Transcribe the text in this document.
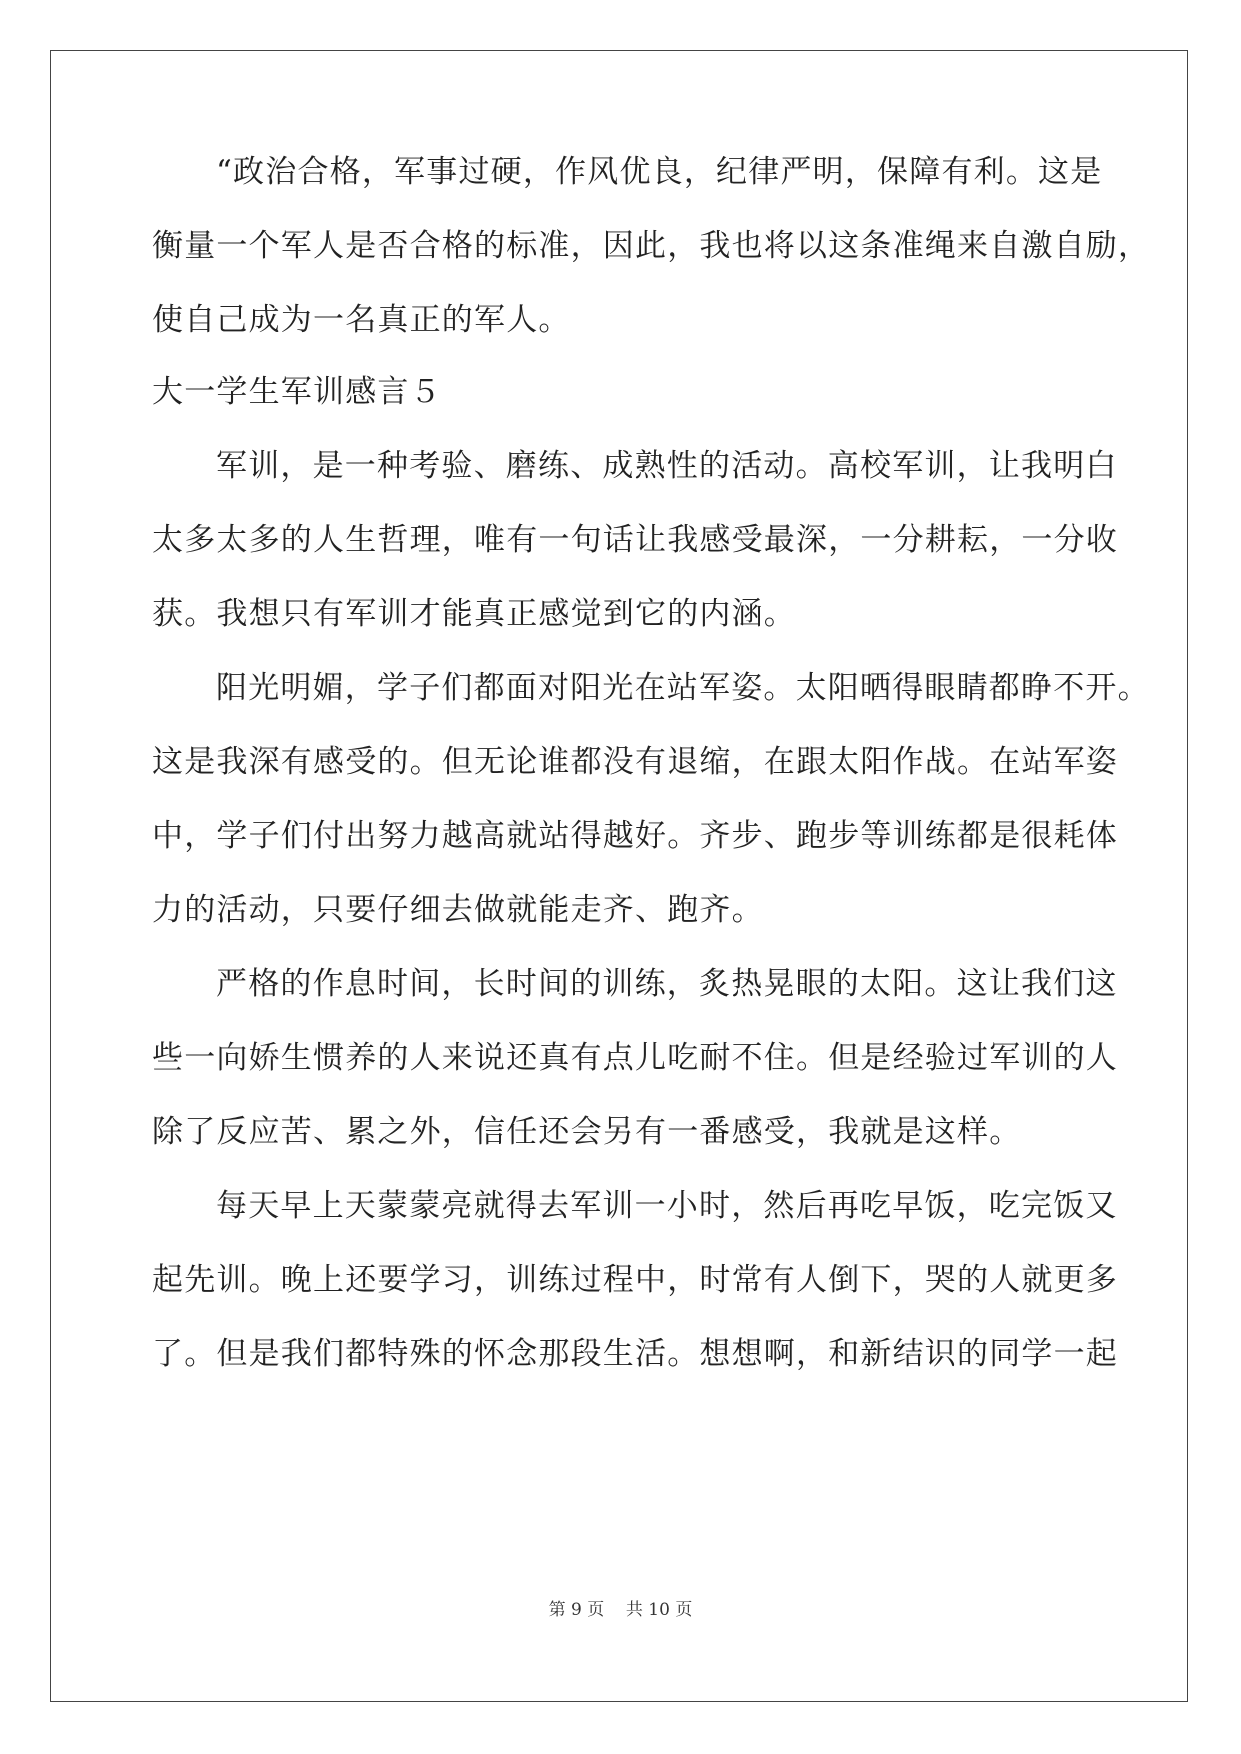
“政治合格，军事过硬，作风优良，纪律严明，保障有利。这是
衡量一个军人是否合格的标准，因此，我也将以这条准绳来自激自励，
使自己成为一名真正的军人。
大一学生军训感言５
军训，是一种考验、磨练、成熟性的活动。高校军训，让我明白
太多太多的人生哲理，唯有一句话让我感受最深，一分耕耘，一分收
获。我想只有军训才能真正感觉到它的内涵。
阳光明媚，学子们都面对阳光在站军姿。太阳晒得眼睛都睁不开。
这是我深有感受的。但无论谁都没有退缩，在跟太阳作战。在站军姿
中，学子们付出努力越高就站得越好。齐步、跑步等训练都是很耗体
力的活动，只要仔细去做就能走齐、跑齐。
严格的作息时间，长时间的训练，炙热晃眼的太阳。这让我们这
些一向娇生惯养的人来说还真有点儿吃耐不住。但是经验过军训的人
除了反应苦、累之外，信任还会另有一番感受，我就是这样。
每天早上天蒙蒙亮就得去军训一小时，然后再吃早饭，吃完饭又
起先训。晚上还要学习，训练过程中，时常有人倒下，哭的人就更多
了。但是我们都特殊的怀念那段生活。想想啊，和新结识的同学一起
第 9 页    共 10 页
